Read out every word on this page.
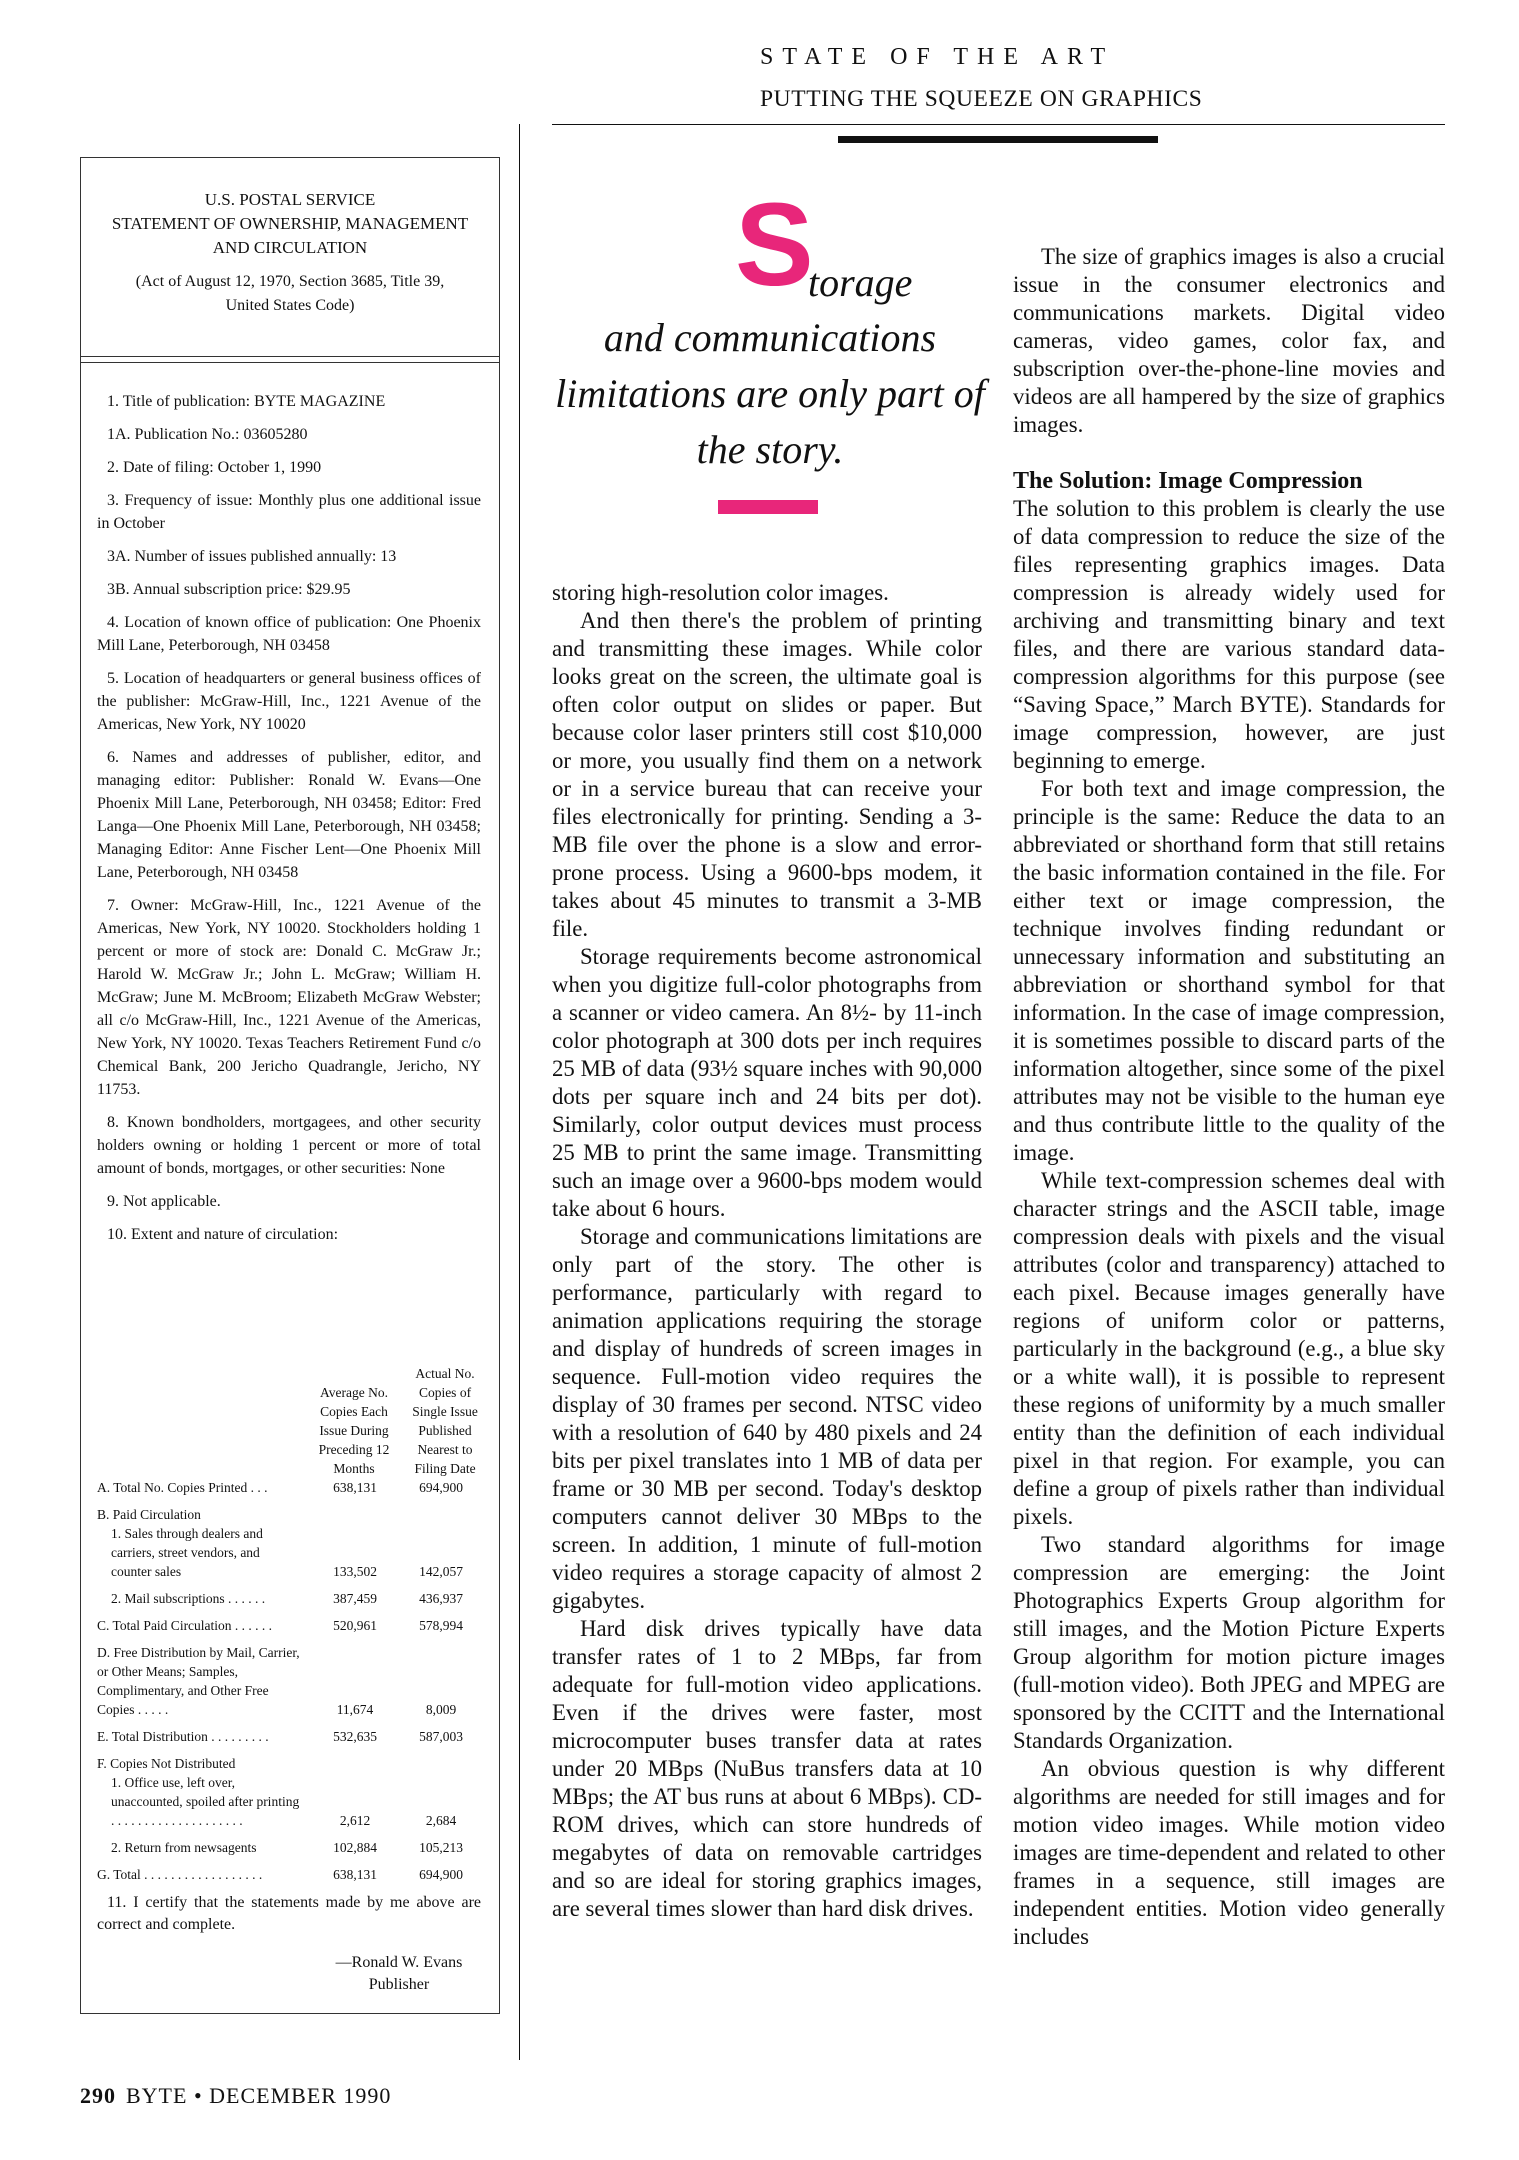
STATE OF THE ART
PUTTING THE SQUEEZE ON GRAPHICS
U.S. POSTAL SERVICE
STATEMENT OF OWNERSHIP, MANAGEMENT
AND CIRCULATION
(Act of August 12, 1970, Section 3685, Title 39,
United States Code)

1. Title of publication: BYTE MAGAZINE

1A. Publication No.: 03605280

2. Date of filing: October 1, 1990

3. Frequency of issue: Monthly plus one additional issue in October

3A. Number of issues published annually: 13

3B. Annual subscription price: $29.95

4. Location of known office of publication: One Phoenix Mill Lane, Peterborough, NH 03458

5. Location of headquarters or general business offices of the publisher: McGraw-Hill, Inc., 1221 Avenue of the Americas, New York, NY 10020

6. Names and addresses of publisher, editor, and managing editor: Publisher: Ronald W. Evans—One Phoenix Mill Lane, Peterborough, NH 03458; Editor: Fred Langa—One Phoenix Mill Lane, Peterborough, NH 03458; Managing Editor: Anne Fischer Lent—One Phoenix Mill Lane, Peterborough, NH 03458

7. Owner: McGraw-Hill, Inc., 1221 Avenue of the Americas, New York, NY 10020. Stockholders holding 1 percent or more of stock are: Donald C. McGraw Jr.; Harold W. McGraw Jr.; John L. McGraw; William H. McGraw; June M. McBroom; Elizabeth McGraw Webster; all c/o McGraw-Hill, Inc., 1221 Avenue of the Americas, New York, NY 10020. Texas Teachers Retirement Fund c/o Chemical Bank, 200 Jericho Quadrangle, Jericho, NY 11753.

8. Known bondholders, mortgagees, and other security holders owning or holding 1 percent or more of total amount of bonds, mortgages, or other securities: None

9. Not applicable.

10. Extent and nature of circulation:

Average No. Copies Each Issue During Preceding 12 Months
Actual No. Copies of Single Issue Published Nearest to Filing Date
A. Total No. Copies Printed . . .	638,131	694,900
B. Paid Circulation
1. Sales through dealers and carriers, street vendors, and counter sales	133,502	142,057
2. Mail subscriptions . . . . . .	387,459	436,937
C. Total Paid Circulation . . . . . .	520,961	578,994
D. Free Distribution by Mail, Carrier, or Other Means; Samples, Complimentary, and Other Free Copies . . . . .	11,674	8,009
E. Total Distribution . . . . . . . . .	532,635	587,003
F. Copies Not Distributed
1. Office use, left over, unaccounted, spoiled after printing . . . . . . . . . . . . . . . . . . . .	2,612	2,684
2. Return from newsagents	102,884	105,213
G. Total . . . . . . . . . . . . . . . . . .	638,131	694,900

11. I certify that the statements made by me above are correct and complete.

—Ronald W. Evans
Publisher
S
torage
and communications limitations are only part of the story.

storing high-resolution color images.

And then there's the problem of printing and transmitting these images. While color looks great on the screen, the ultimate goal is often color output on slides or paper. But because color laser printers still cost $10,000 or more, you usually find them on a network or in a service bureau that can receive your files electronically for printing. Sending a 3-MB file over the phone is a slow and error-prone process. Using a 9600-bps modem, it takes about 45 minutes to transmit a 3-MB file.

Storage requirements become astronomical when you digitize full-color photographs from a scanner or video camera. An 8½- by 11-inch color photograph at 300 dots per inch requires 25 MB of data (93½ square inches with 90,000 dots per square inch and 24 bits per dot). Similarly, color output devices must process 25 MB to print the same image. Transmitting such an image over a 9600-bps modem would take about 6 hours.

Storage and communications limitations are only part of the story. The other is performance, particularly with regard to animation applications requiring the storage and display of hundreds of screen images in sequence. Full-motion video requires the display of 30 frames per second. NTSC video with a resolution of 640 by 480 pixels and 24 bits per pixel translates into 1 MB of data per frame or 30 MB per second. Today's desktop computers cannot deliver 30 MBps to the screen. In addition, 1 minute of full-motion video requires a storage capacity of almost 2 gigabytes.

Hard disk drives typically have data transfer rates of 1 to 2 MBps, far from adequate for full-motion video applications. Even if the drives were faster, most microcomputer buses transfer data at rates under 20 MBps (NuBus transfers data at 10 MBps; the AT bus runs at about 6 MBps). CD-ROM drives, which can store hundreds of megabytes of data on removable cartridges and so are ideal for storing graphics images, are several times slower than hard disk drives.

The size of graphics images is also a crucial issue in the consumer electronics and communications markets. Digital video cameras, video games, color fax, and subscription over-the-phone-line movies and videos are all hampered by the size of graphics images.

The Solution: Image Compression

The solution to this problem is clearly the use of data compression to reduce the size of the files representing graphics images. Data compression is already widely used for archiving and transmitting binary and text files, and there are various standard data-compression algorithms for this purpose (see “Saving Space,” March BYTE). Standards for image compression, however, are just beginning to emerge.

For both text and image compression, the principle is the same: Reduce the data to an abbreviated or shorthand form that still retains the basic information contained in the file. For either text or image compression, the technique involves finding redundant or unnecessary information and substituting an abbreviation or shorthand symbol for that information. In the case of image compression, it is sometimes possible to discard parts of the information altogether, since some of the pixel attributes may not be visible to the human eye and thus contribute little to the quality of the image.

While text-compression schemes deal with character strings and the ASCII table, image compression deals with pixels and the visual attributes (color and transparency) attached to each pixel. Because images generally have regions of uniform color or patterns, particularly in the background (e.g., a blue sky or a white wall), it is possible to represent these regions of uniformity by a much smaller entity than the definition of each individual pixel in that region. For example, you can define a group of pixels rather than individual pixels.

Two standard algorithms for image compression are emerging: the Joint Photographics Experts Group algorithm for still images, and the Motion Picture Experts Group algorithm for motion picture images (full-motion video). Both JPEG and MPEG are sponsored by the CCITT and the International Standards Organization.

An obvious question is why different algorithms are needed for still images and for motion video images. While motion video images are time-dependent and related to other frames in a sequence, still images are independent entities. Motion video generally includes

290 BYTE • DECEMBER 1990
